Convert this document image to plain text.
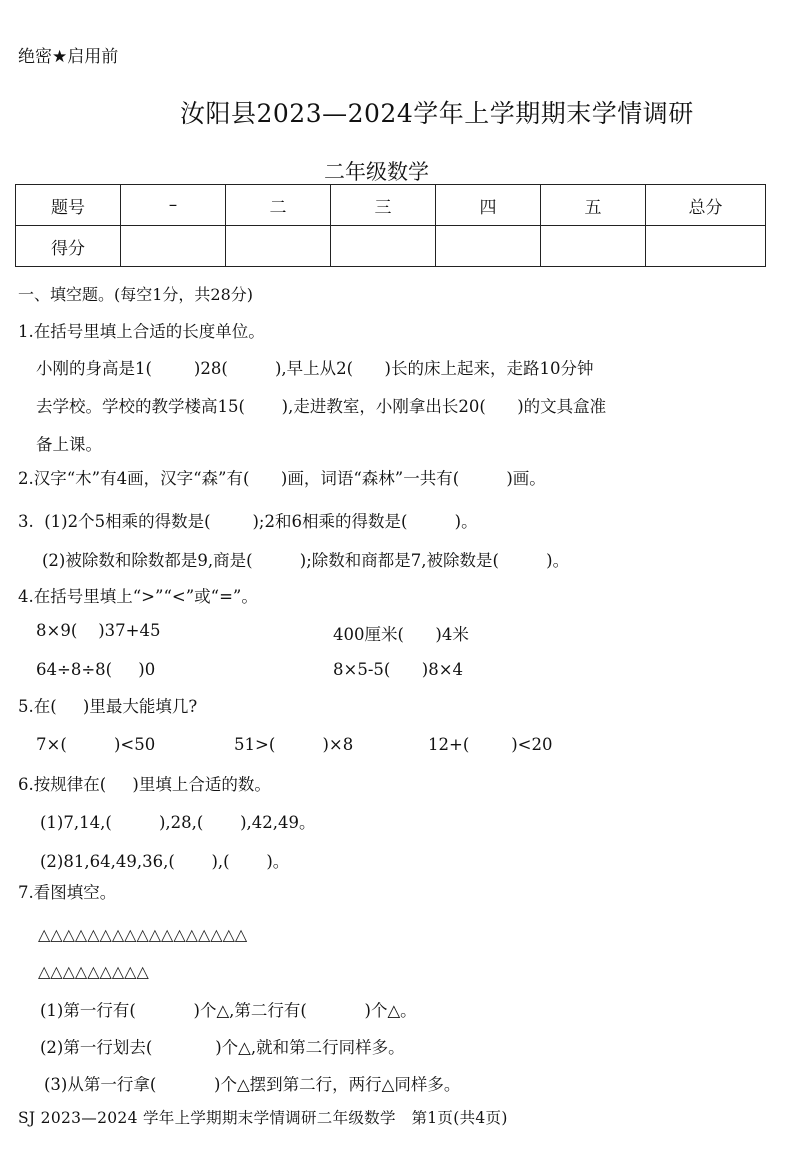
绝密★启用前
汝阳县2023—2024学年上学期期末学情调研
二年级数学
题号	–	二	三	四	五	总分
得分						
一、填空题。(每空1分，共28分)
1.在括号里填上合适的长度单位。
小刚的身高是1(        )28(         ),早上从2(      )长的床上起来，走路10分钟
去学校。学校的教学楼高15(       ),走进教室，小刚拿出长20(      )的文具盒准
备上课。
2.汉字“木”有4画，汉字“森”有(      )画，词语“森林”一共有(         )画。
3.  (1)2个5相乘的得数是(        );2和6相乘的得数是(         )。
(2)被除数和除数都是9,商是(         );除数和商都是7,被除数是(         )。
4.在括号里填上“>”“<”或“=”。
8×9(    )37+45	400厘米(      )4米
64÷8÷8(     )0	8×5-5(      )8×4
5.在(     )里最大能填几?
7×(         )<50	51>(         )×8	12+(        )<20
6.按规律在(     )里填上合适的数。
(1)7,14,(         ),28,(       ),42,49。
(2)81,64,49,36,(       ),(       )。
7.看图填空。
△△△△△△△△△△△△△△△△△
△△△△△△△△△
(1)第一行有(           )个△,第二行有(           )个△。
(2)第一行划去(            )个△,就和第二行同样多。
(3)从第一行拿(           )个△摆到第二行，两行△同样多。
SJ 2023—2024 学年上学期期末学情调研二年级数学   第1页(共4页)
